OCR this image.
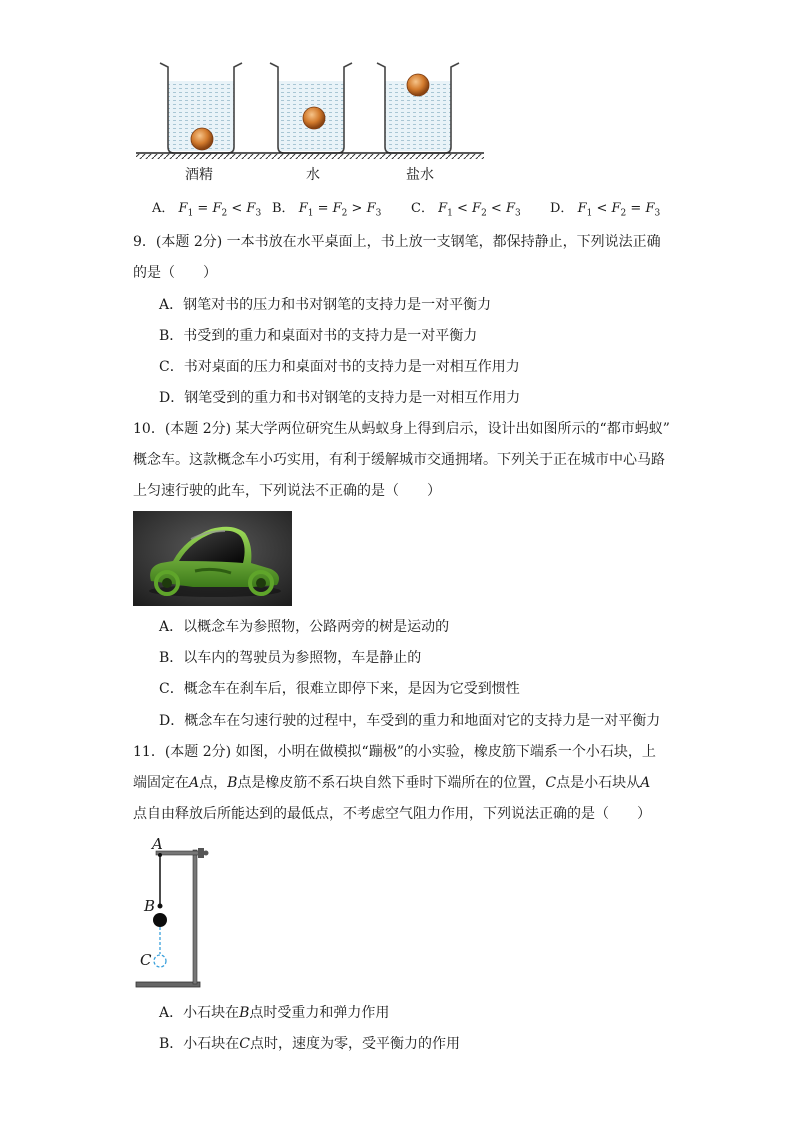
酒精	水	盐水
A． $F_1 = F_2 < F_3$ B． $F_1 = F_2 > F_3$ C． $F_1 < F_2 < F_3$ D． $F_1 < F_2 = F_3$
9．(本题 2分) 一本书放在水平桌面上，书上放一支钢笔，都保持静止，下列说法正确
的是（　　）
A．钢笔对书的压力和书对钢笔的支持力是一对平衡力
B．书受到的重力和桌面对书的支持力是一对平衡力
C．书对桌面的压力和桌面对书的支持力是一对相互作用力
D．钢笔受到的重力和书对钢笔的支持力是一对相互作用力
10．(本题 2分) 某大学两位研究生从蚂蚁身上得到启示，设计出如图所示的“都市蚂蚁”
概念车。这款概念车小巧实用，有利于缓解城市交通拥堵。下列关于正在城市中心马路
上匀速行驶的此车，下列说法不正确的是（　　）
A．以概念车为参照物，公路两旁的树是运动的
B．以车内的驾驶员为参照物，车是静止的
C．概念车在刹车后，很难立即停下来，是因为它受到惯性
D．概念车在匀速行驶的过程中，车受到的重力和地面对它的支持力是一对平衡力
11．(本题 2分) 如图，小明在做模拟“蹦极”的小实验，橡皮筋下端系一个小石块，上
端固定在A点，B点是橡皮筋不系石块自然下垂时下端所在的位置，C点是小石块从A
点自由释放后所能达到的最低点，不考虑空气阻力作用，下列说法正确的是（　　）
A
B
C
A．小石块在B点时受重力和弹力作用
B．小石块在C点时，速度为零，受平衡力的作用
